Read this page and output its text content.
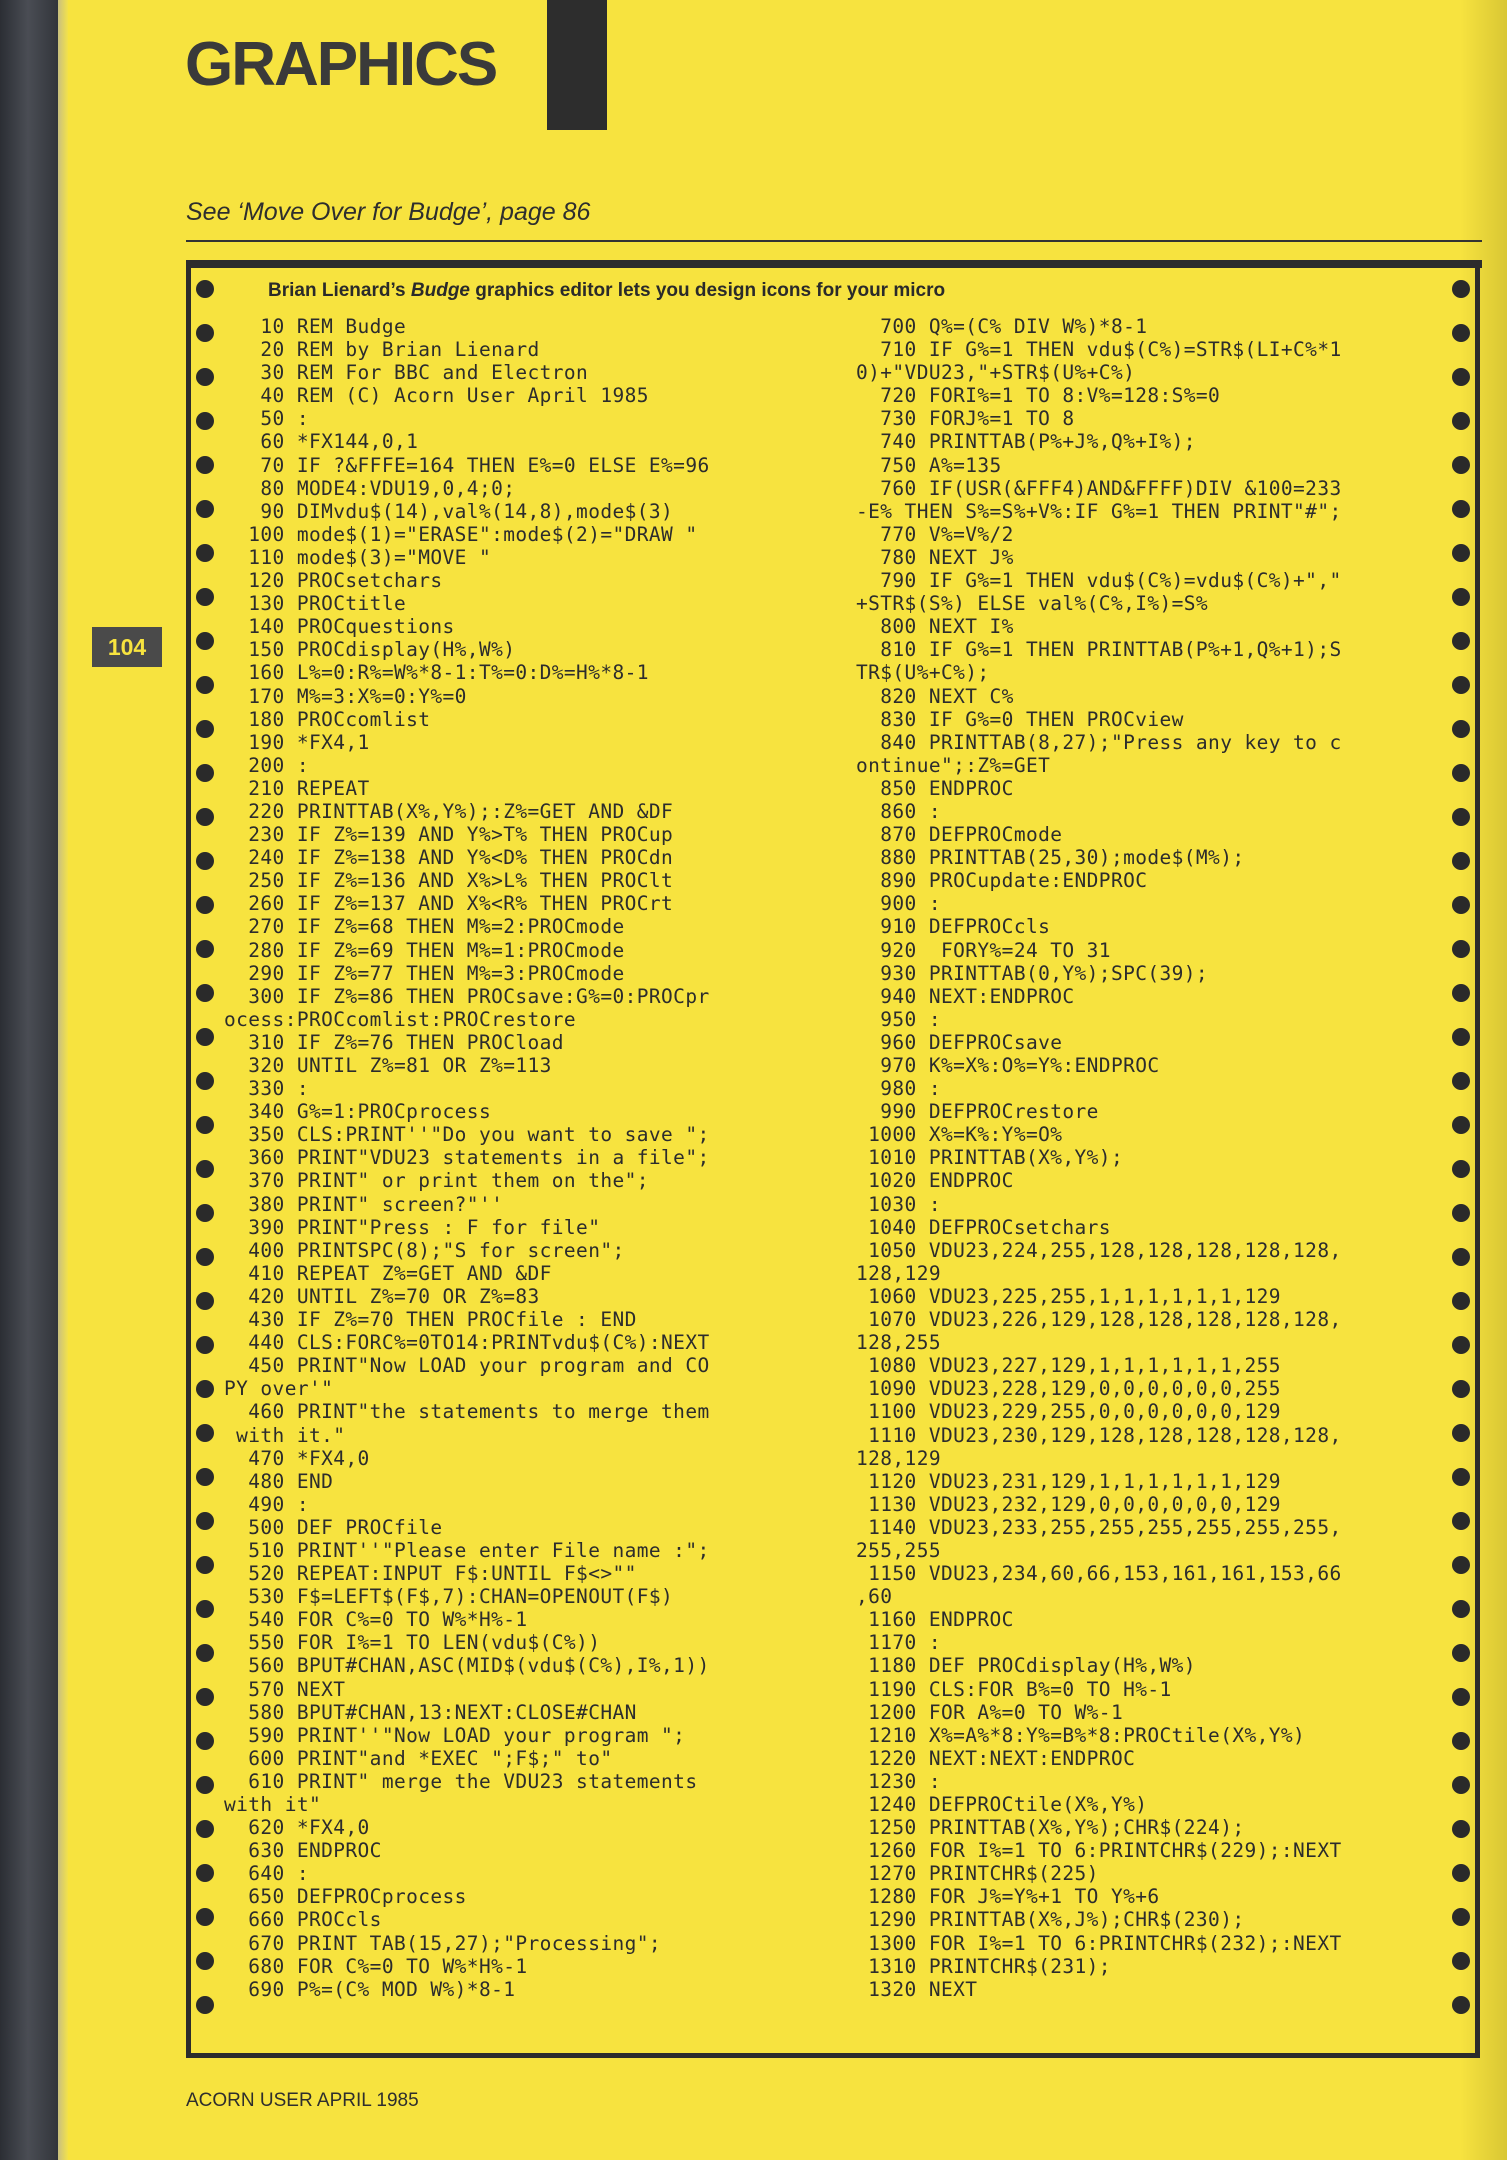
GRAPHICS
See ‘Move Over for Budge’, page 86
104
Brian Lienard’s Budge graphics editor lets you design icons for your micro
10 REM Budge
20 REM by Brian Lienard
30 REM For BBC and Electron
40 REM (C) Acorn User April 1985
50 :
60 *FX144,0,1
70 IF ?&FFFE=164 THEN E%=0 ELSE E%=96
80 MODE4:VDU19,0,4;0;
90 DIMvdu$(14),val%(14,8),mode$(3)
100 mode$(1)="ERASE":mode$(2)="DRAW "
110 mode$(3)="MOVE "
120 PROCsetchars
130 PROCtitle
140 PROCquestions
150 PROCdisplay(H%,W%)
160 L%=0:R%=W%*8-1:T%=0:D%=H%*8-1
170 M%=3:X%=0:Y%=0
180 PROCcomlist
190 *FX4,1
200 :
210 REPEAT
220 PRINTTAB(X%,Y%);:Z%=GET AND &DF
230 IF Z%=139 AND Y%>T% THEN PROCup
240 IF Z%=138 AND Y%<D% THEN PROCdn
250 IF Z%=136 AND X%>L% THEN PROClt
260 IF Z%=137 AND X%<R% THEN PROCrt
270 IF Z%=68 THEN M%=2:PROCmode
280 IF Z%=69 THEN M%=1:PROCmode
290 IF Z%=77 THEN M%=3:PROCmode
300 IF Z%=86 THEN PROCsave:G%=0:PROCpr
ocess:PROCcomlist:PROCrestore
310 IF Z%=76 THEN PROCload
320 UNTIL Z%=81 OR Z%=113
330 :
340 G%=1:PROCprocess
350 CLS:PRINT''"Do you want to save ";
360 PRINT"VDU23 statements in a file";
370 PRINT" or print them on the";
380 PRINT" screen?"''
390 PRINT"Press : F for file"
400 PRINTSPC(8);"S for screen";
410 REPEAT Z%=GET AND &DF
420 UNTIL Z%=70 OR Z%=83
430 IF Z%=70 THEN PROCfile : END
440 CLS:FORC%=0TO14:PRINTvdu$(C%):NEXT
450 PRINT"Now LOAD your program and CO
PY over'"
460 PRINT"the statements to merge them
with it."
470 *FX4,0
480 END
490 :
500 DEF PROCfile
510 PRINT''"Please enter File name :";
520 REPEAT:INPUT F$:UNTIL F$<>""
530 F$=LEFT$(F$,7):CHAN=OPENOUT(F$)
540 FOR C%=0 TO W%*H%-1
550 FOR I%=1 TO LEN(vdu$(C%))
560 BPUT#CHAN,ASC(MID$(vdu$(C%),I%,1))
570 NEXT
580 BPUT#CHAN,13:NEXT:CLOSE#CHAN
590 PRINT''"Now LOAD your program ";
600 PRINT"and *EXEC ";F$;" to"
610 PRINT" merge the VDU23 statements
with it"
620 *FX4,0
630 ENDPROC
640 :
650 DEFPROCprocess
660 PROCcls
670 PRINT TAB(15,27);"Processing";
680 FOR C%=0 TO W%*H%-1
690 P%=(C% MOD W%)*8-1
700 Q%=(C% DIV W%)*8-1
710 IF G%=1 THEN vdu$(C%)=STR$(LI+C%*1
0)+"VDU23,"+STR$(U%+C%)
720 FORI%=1 TO 8:V%=128:S%=0
730 FORJ%=1 TO 8
740 PRINTTAB(P%+J%,Q%+I%);
750 A%=135
760 IF(USR(&FFF4)AND&FFFF)DIV &100=233
-E% THEN S%=S%+V%:IF G%=1 THEN PRINT"#";
770 V%=V%/2
780 NEXT J%
790 IF G%=1 THEN vdu$(C%)=vdu$(C%)+","
+STR$(S%) ELSE val%(C%,I%)=S%
800 NEXT I%
810 IF G%=1 THEN PRINTTAB(P%+1,Q%+1);S
TR$(U%+C%);
820 NEXT C%
830 IF G%=0 THEN PROCview
840 PRINTTAB(8,27);"Press any key to c
ontinue";:Z%=GET
850 ENDPROC
860 :
870 DEFPROCmode
880 PRINTTAB(25,30);mode$(M%);
890 PROCupdate:ENDPROC
900 :
910 DEFPROCcls
920  FORY%=24 TO 31
930 PRINTTAB(0,Y%);SPC(39);
940 NEXT:ENDPROC
950 :
960 DEFPROCsave
970 K%=X%:O%=Y%:ENDPROC
980 :
990 DEFPROCrestore
1000 X%=K%:Y%=O%
1010 PRINTTAB(X%,Y%);
1020 ENDPROC
1030 :
1040 DEFPROCsetchars
1050 VDU23,224,255,128,128,128,128,128,
128,129
1060 VDU23,225,255,1,1,1,1,1,1,129
1070 VDU23,226,129,128,128,128,128,128,
128,255
1080 VDU23,227,129,1,1,1,1,1,1,255
1090 VDU23,228,129,0,0,0,0,0,0,255
1100 VDU23,229,255,0,0,0,0,0,0,129
1110 VDU23,230,129,128,128,128,128,128,
128,129
1120 VDU23,231,129,1,1,1,1,1,1,129
1130 VDU23,232,129,0,0,0,0,0,0,129
1140 VDU23,233,255,255,255,255,255,255,
255,255
1150 VDU23,234,60,66,153,161,161,153,66
,60
1160 ENDPROC
1170 :
1180 DEF PROCdisplay(H%,W%)
1190 CLS:FOR B%=0 TO H%-1
1200 FOR A%=0 TO W%-1
1210 X%=A%*8:Y%=B%*8:PROCtile(X%,Y%)
1220 NEXT:NEXT:ENDPROC
1230 :
1240 DEFPROCtile(X%,Y%)
1250 PRINTTAB(X%,Y%);CHR$(224);
1260 FOR I%=1 TO 6:PRINTCHR$(229);:NEXT
1270 PRINTCHR$(225)
1280 FOR J%=Y%+1 TO Y%+6
1290 PRINTTAB(X%,J%);CHR$(230);
1300 FOR I%=1 TO 6:PRINTCHR$(232);:NEXT
1310 PRINTCHR$(231);
1320 NEXT
ACORN USER APRIL 1985
